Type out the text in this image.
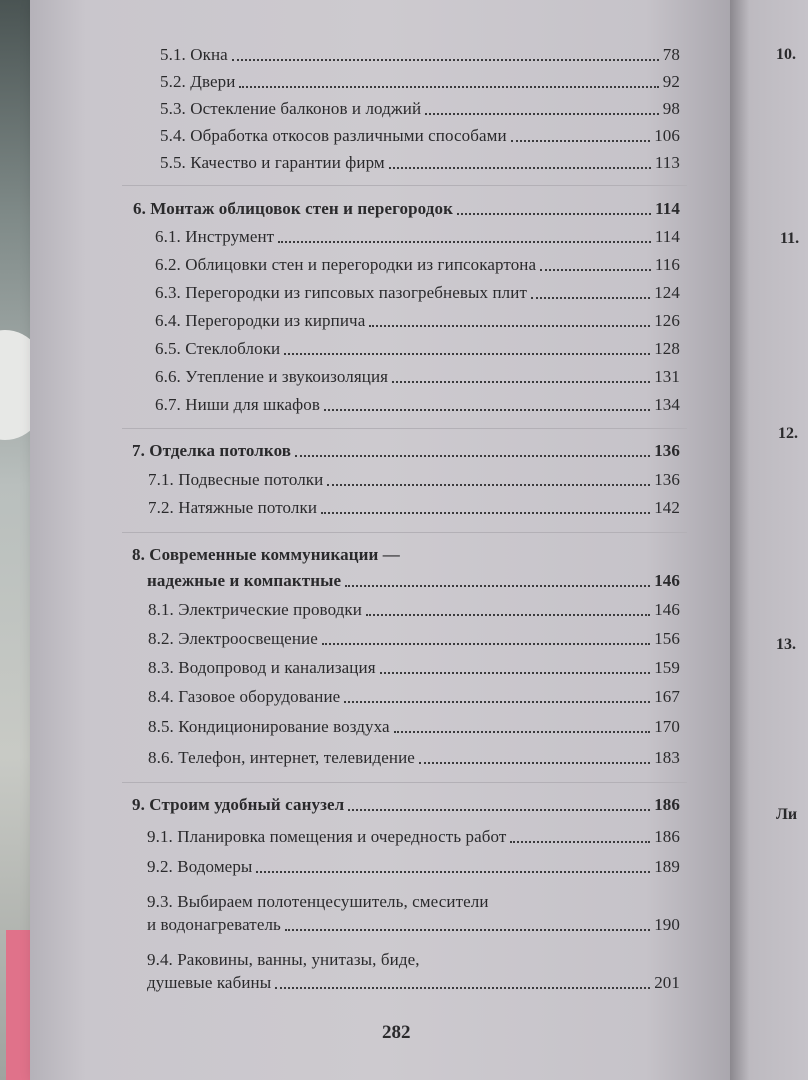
5.1. Окна	78
5.2. Двери	92
5.3. Остекление балконов и лоджий	98
5.4. Обработка откосов различными способами	106
5.5. Качество и гарантии фирм	113
6. Монтаж облицовок стен и перегородок	114
6.1. Инструмент	114
6.2. Облицовки стен и перегородки из гипсокартона	116
6.3. Перегородки из гипсовых пазогребневых плит	124
6.4. Перегородки из кирпича	126
6.5. Стеклоблоки	128
6.6. Утепление и звукоизоляция	131
6.7. Ниши для шкафов	134
7. Отделка потолков	136
7.1. Подвесные потолки	136
7.2. Натяжные потолки	142
8. Современные коммуникации —
надежные и компактные	146
8.1. Электрические проводки	146
8.2. Электроосвещение	156
8.3. Водопровод и канализация	159
8.4. Газовое оборудование	167
8.5. Кондиционирование воздуха	170
8.6. Телефон, интернет, телевидение	183
9. Строим удобный санузел	186
9.1. Планировка помещения и очередность работ	186
9.2. Водомеры	189
9.3. Выбираем полотенцесушитель, смесители
и водонагреватель	190
9.4. Раковины, ванны, унитазы, биде,
душевые кабины	201
282
10.
11.
12.
13.
Ли
